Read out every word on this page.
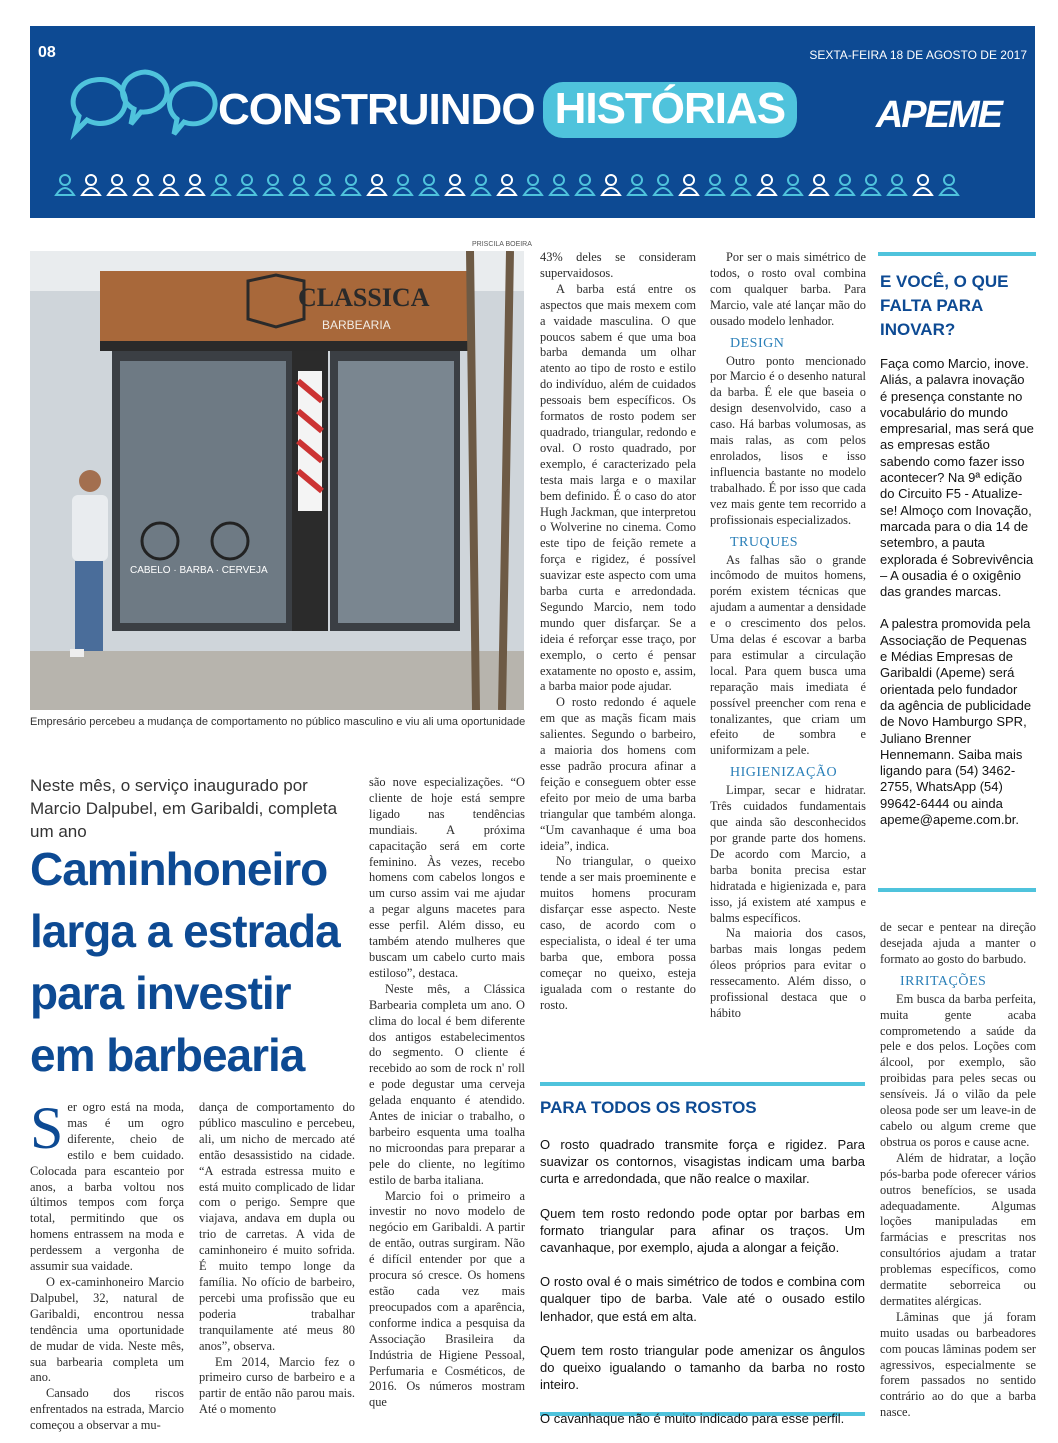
08	SEXTA-FEIRA 18 DE AGOSTO DE 2017
CONSTRUINDO HISTÓRIAS	APEME
PRISCILA BOEIRA
CLASSICA
BARBEARIA
CABELO · BARBA · CERVEJA
Empresário percebeu a mudança de comportamento no público masculino e viu ali uma oportunidade
Neste mês, o serviço inaugurado por Marcio Dalpubel, em Garibaldi, completa um ano
Caminhoneiro larga a estrada para investir em barbearia
S er ogro está na moda, mas é um ogro diferente, cheio de estilo e bem cuidado. Colocada para escanteio por anos, a barba voltou nos últimos tempos com força total, permitindo que os homens entrassem na moda e perdessem a vergonha de assumir sua vaidade.

O ex-caminhoneiro Marcio Dalpubel, 32, natural de Garibaldi, encontrou nessa tendência uma oportunidade de mudar de vida. Neste mês, sua barbearia completa um ano.

Cansado dos riscos enfrentados na estrada, Marcio começou a observar a mu-

dança de comportamento do público masculino e percebeu, ali, um nicho de mercado até então desassistido na cidade. “A estrada estressa muito e está muito complicado de lidar com o perigo. Sempre que viajava, andava em dupla ou trio de carretas. A vida de caminhoneiro é muito sofrida. É muito tempo longe da família. No ofício de barbeiro, percebi uma profissão que eu poderia trabalhar tranquilamente até meus 80 anos”, observa.

Em 2014, Marcio fez o primeiro curso de barbeiro e a partir de então não parou mais. Até o momento

são nove especializações. “O cliente de hoje está sempre ligado nas tendências mundiais. A próxima capacitação será em corte feminino. Às vezes, recebo homens com cabelos longos e um curso assim vai me ajudar a pegar alguns macetes para esse perfil. Além disso, eu também atendo mulheres que buscam um cabelo curto mais estiloso”, destaca.

Neste mês, a Clássica Barbearia completa um ano. O clima do local é bem diferente dos antigos estabelecimentos do segmento. O cliente é recebido ao som de rock n' roll e pode degustar uma cerveja gelada enquanto é atendido. Antes de iniciar o trabalho, o barbeiro esquenta uma toalha no microondas para preparar a pele do cliente, no legítimo estilo de barba italiana.

Marcio foi o primeiro a investir no novo modelo de negócio em Garibaldi. A partir de então, outras surgiram. Não é difícil entender por que a procura só cresce. Os homens estão cada vez mais preocupados com a aparência, conforme indica a pesquisa da Associação Brasileira da Indústria de Higiene Pessoal, Perfumaria e Cosméticos, de 2016. Os números mostram que

43% deles se consideram supervaidosos.

A barba está entre os aspectos que mais mexem com a vaidade masculina. O que poucos sabem é que uma boa barba demanda um olhar atento ao tipo de rosto e estilo do indivíduo, além de cuidados pessoais bem específicos. Os formatos de rosto podem ser quadrado, triangular, redondo e oval. O rosto quadrado, por exemplo, é caracterizado pela testa mais larga e o maxilar bem definido. É o caso do ator Hugh Jackman, que interpretou o Wolverine no cinema. Como este tipo de feição remete a força e rigidez, é possível suavizar este aspecto com uma barba curta e arredondada. Segundo Marcio, nem todo mundo quer disfarçar. Se a ideia é reforçar esse traço, por exemplo, o certo é pensar exatamente no oposto e, assim, a barba maior pode ajudar.

O rosto redondo é aquele em que as maçãs ficam mais salientes. Segundo o barbeiro, a maioria dos homens com esse padrão procura afinar a feição e conseguem obter esse efeito por meio de uma barba triangular que também alonga. “Um cavanhaque é uma boa ideia”, indica.

No triangular, o queixo tende a ser mais proeminente e muitos homens procuram disfarçar esse aspecto. Neste caso, de acordo com o especialista, o ideal é ter uma barba que, embora possa começar no queixo, esteja igualada com o restante do rosto.

Por ser o mais simétrico de todos, o rosto oval combina com qualquer barba. Para Marcio, vale até lançar mão do ousado modelo lenhador.

DESIGN

Outro ponto mencionado por Marcio é o desenho natural da barba. É ele que baseia o design desenvolvido, caso a caso. Há barbas volumosas, as mais ralas, as com pelos enrolados, lisos e isso influencia bastante no modelo trabalhado. É por isso que cada vez mais gente tem recorrido a profissionais especializados.

TRUQUES

As falhas são o grande incômodo de muitos homens, porém existem técnicas que ajudam a aumentar a densidade e o crescimento dos pelos. Uma delas é escovar a barba para estimular a circulação local. Para quem busca uma reparação mais imediata é possível preencher com rena e tonalizantes, que criam um efeito de sombra e uniformizam a pele.

HIGIENIZAÇÃO

Limpar, secar e hidratar. Três cuidados fundamentais que ainda são desconhecidos por grande parte dos homens. De acordo com Marcio, a barba bonita precisa estar hidratada e higienizada e, para isso, já existem até xampus e balms específicos.

Na maioria dos casos, barbas mais longas pedem óleos próprios para evitar o ressecamento. Além disso, o profissional destaca que o hábito

E VOCÊ, O QUE FALTA PARA INOVAR?

Faça como Marcio, inove. Aliás, a palavra inovação é presença constante no vocabulário do mundo empresarial, mas será que as empresas estão sabendo como fazer isso acontecer? Na 9ª edição do Circuito F5 - Atualize-se! Almoço com Inovação, marcada para o dia 14 de setembro, a pauta explorada é Sobrevivência – A ousadia é o oxigênio das grandes marcas.

A palestra promovida pela Associação de Pequenas e Médias Empresas de Garibaldi (Apeme) será orientada pelo fundador da agência de publicidade de Novo Hamburgo SPR, Juliano Brenner Hennemann. Saiba mais ligando para (54) 3462-2755, WhatsApp (54) 99642-6444 ou ainda apeme@apeme.com.br.

de secar e pentear na direção desejada ajuda a manter o formato ao gosto do barbudo.

IRRITAÇÕES

Em busca da barba perfeita, muita gente acaba comprometendo a saúde da pele e dos pelos. Loções com álcool, por exemplo, são proibidas para peles secas ou sensíveis. Já o vilão da pele oleosa pode ser um leave-in de cabelo ou algum creme que obstrua os poros e cause acne.

Além de hidratar, a loção pós-barba pode oferecer vários outros benefícios, se usada adequadamente. Algumas loções manipuladas em farmácias e prescritas nos consultórios ajudam a tratar problemas específicos, como dermatite seborreica ou dermatites alérgicas.

Lâminas que já foram muito usadas ou barbeadores com poucas lâminas podem ser agressivos, especialmente se forem passados no sentido contrário ao do que a barba nasce.

PARA TODOS OS ROSTOS

O rosto quadrado transmite força e rigidez. Para suavizar os contornos, visagistas indicam uma barba curta e arredondada, que não realce o maxilar.

Quem tem rosto redondo pode optar por barbas em formato triangular para afinar os traços. Um cavanhaque, por exemplo, ajuda a alongar a feição.

O rosto oval é o mais simétrico de todos e combina com qualquer tipo de barba. Vale até o ousado estilo lenhador, que está em alta.

Quem tem rosto triangular pode amenizar os ângulos do queixo igualando o tamanho da barba no rosto inteiro.

O cavanhaque não é muito indicado para esse perfil.
